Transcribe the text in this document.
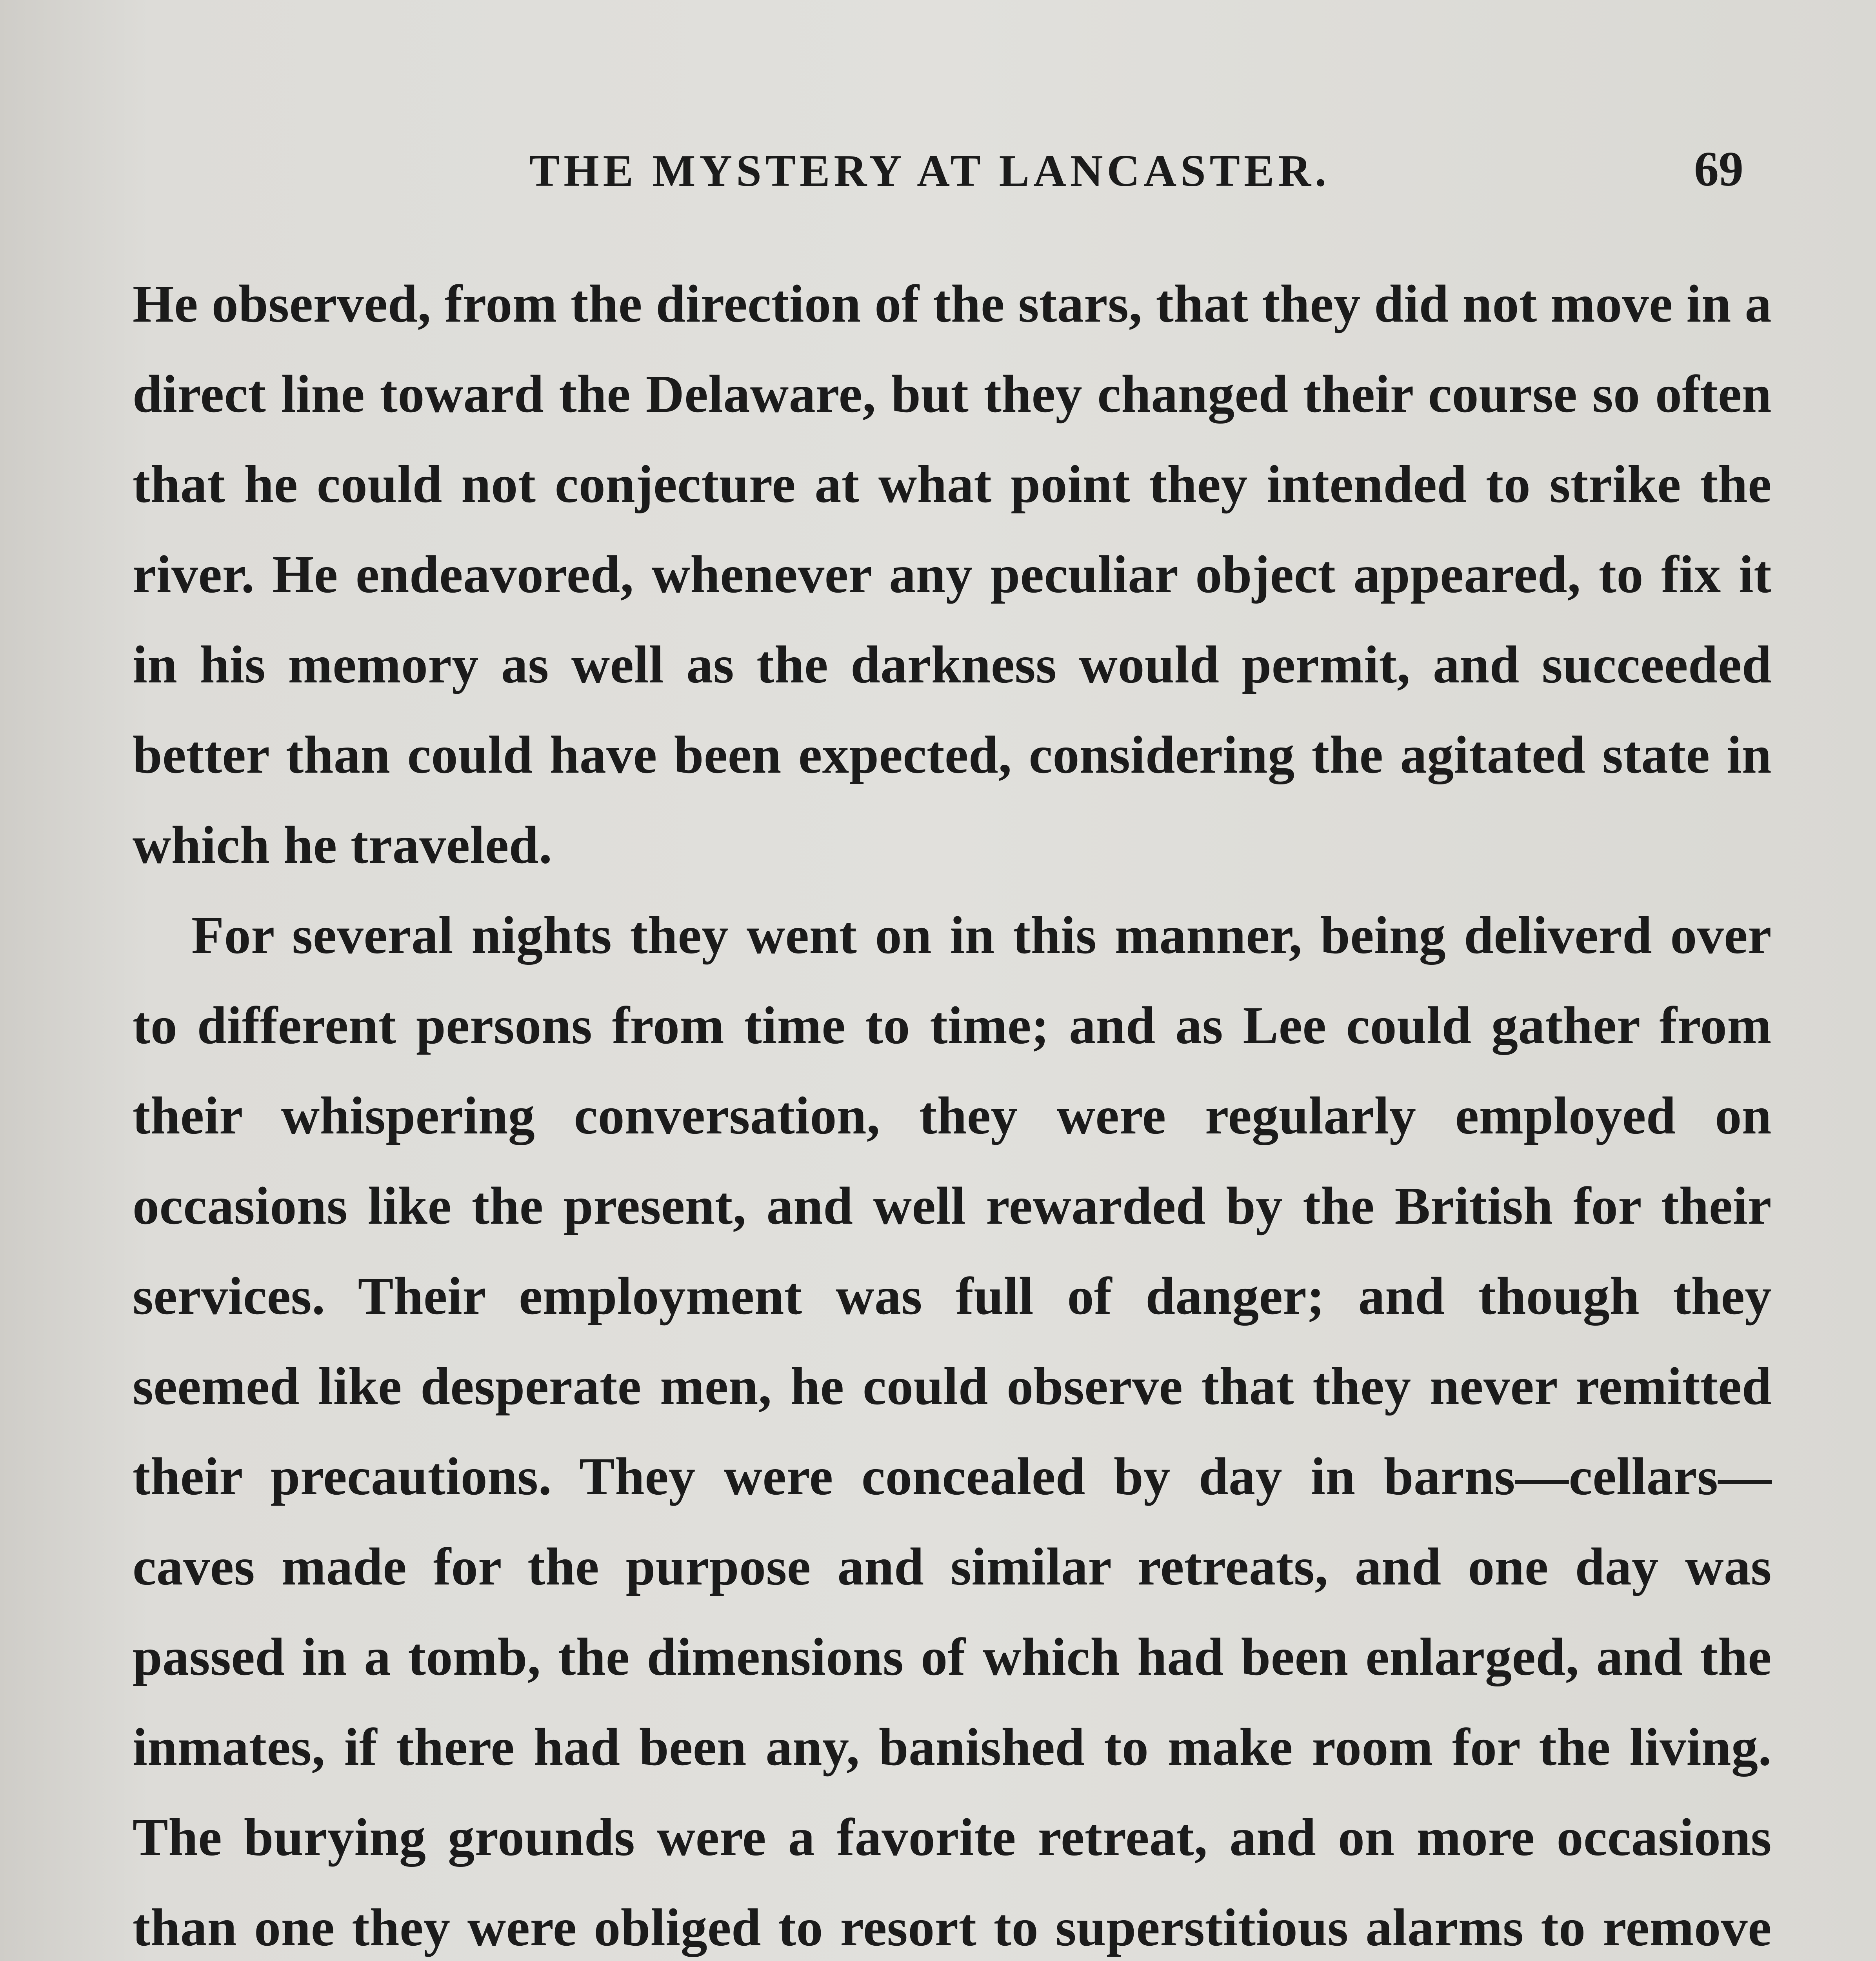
THE MYSTERY AT LANCASTER.	69

He observed, from the direction of the stars, that they did not move in a direct line toward the Delaware, but they changed their course so often that he could not conjecture at what point they intended to strike the river. He endeavored, whenever any peculiar object appeared, to fix it in his memory as well as the darkness would permit, and succeeded better than could have been expected, considering the agitated state in which he traveled.

For several nights they went on in this manner, being deliverd over to different persons from time to time; and as Lee could gather from their whispering conversation, they were regularly employed on occasions like the present, and well rewarded by the British for their services. Their employment was full of danger; and though they seemed like desperate men, he could observe that they never remitted their precautions. They were concealed by day in barns—cellars—caves made for the purpose and similar retreats, and one day was passed in a tomb, the dimensions of which had been enlarged, and the inmates, if there had been any, banished to make room for the living. The burying grounds were a favorite retreat, and on more occasions than one they were obliged to resort to superstitious alarms to remove
